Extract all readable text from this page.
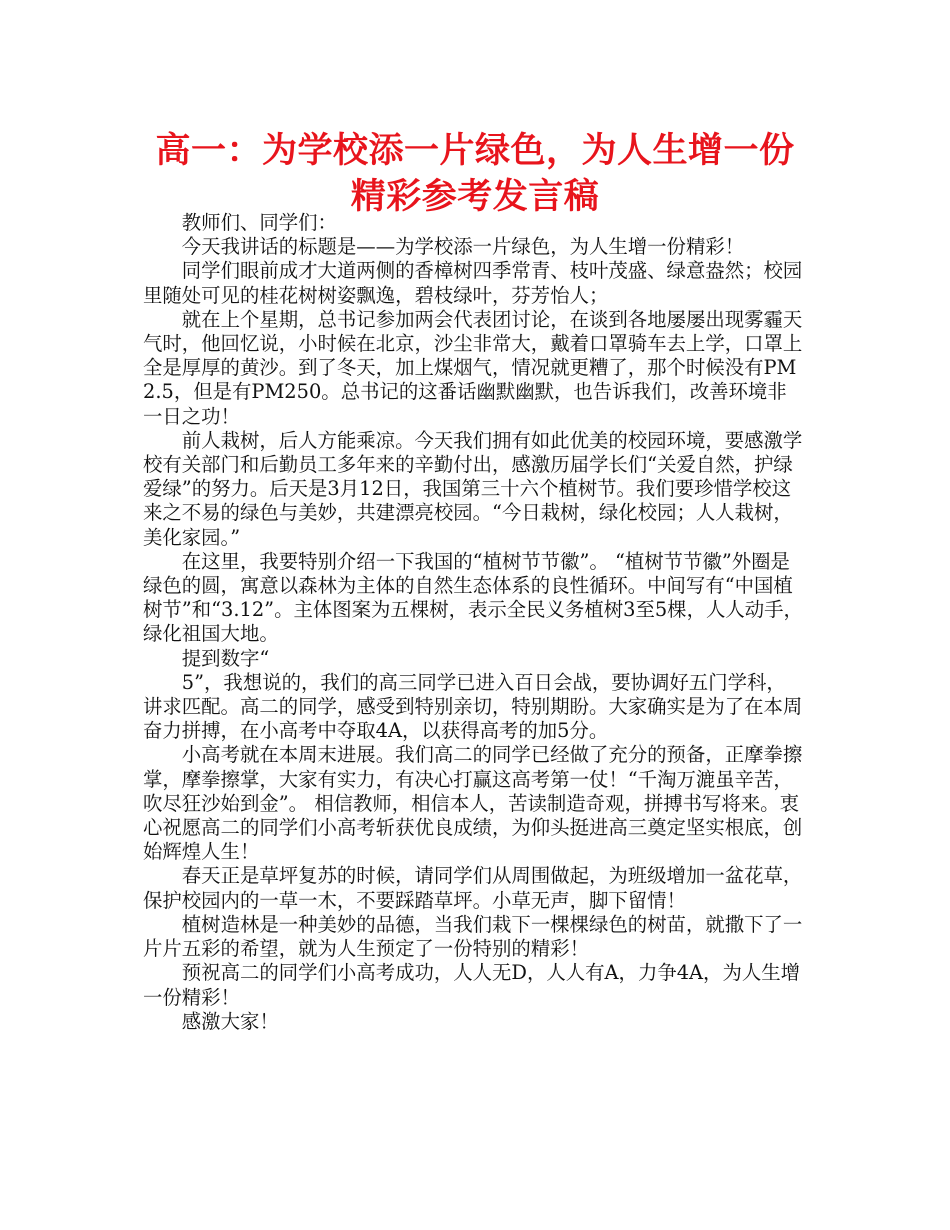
高一：为学校添一片绿色，为人生增一份
精彩参考发言稿

教师们、同学们：

今天我讲话的标题是——为学校添一片绿色，为人生增一份精彩！

同学们眼前成才大道两侧的香樟树四季常青、枝叶茂盛、绿意盎然；校园里随处可见的桂花树树姿飘逸，碧枝绿叶，芬芳怡人；

就在上个星期，总书记参加两会代表团讨论，在谈到各地屡屡出现雾霾天气时，他回忆说，小时候在北京，沙尘非常大，戴着口罩骑车去上学，口罩上全是厚厚的黄沙。到了冬天，加上煤烟气，情况就更糟了，那个时候没有PM2.5，但是有PM250。总书记的这番话幽默幽默，也告诉我们，改善环境非一日之功！

前人栽树，后人方能乘凉。今天我们拥有如此优美的校园环境，要感激学校有关部门和后勤员工多年来的辛勤付出，感激历届学长们“关爱自然，护绿爱绿”的努力。后天是3月12日，我国第三十六个植树节。我们要珍惜学校这来之不易的绿色与美妙，共建漂亮校园。“今日栽树，绿化校园；人人栽树，美化家园。”

在这里，我要特别介绍一下我国的“植树节节徽”。 “植树节节徽”外圈是绿色的圆，寓意以森林为主体的自然生态体系的良性循环。中间写有“中国植树节”和“3.12”。主体图案为五棵树，表示全民义务植树3至5棵，人人动手，绿化祖国大地。

提到数字“

5”，我想说的，我们的高三同学已进入百日会战，要协调好五门学科，讲求匹配。高二的同学，感受到特别亲切，特别期盼。大家确实是为了在本周奋力拼搏，在小高考中夺取4A，以获得高考的加5分。

小高考就在本周末进展。我们高二的同学已经做了充分的预备，正摩拳擦掌，摩拳擦掌，大家有实力，有决心打赢这高考第一仗！“千淘万漉虽辛苦，吹尽狂沙始到金”。 相信教师，相信本人，苦读制造奇观，拼搏书写将来。衷心祝愿高二的同学们小高考斩获优良成绩，为仰头挺进高三奠定坚实根底，创始辉煌人生！

春天正是草坪复苏的时候，请同学们从周围做起，为班级增加一盆花草，保护校园内的一草一木，不要踩踏草坪。小草无声，脚下留情！

植树造林是一种美妙的品德，当我们栽下一棵棵绿色的树苗，就撒下了一片片五彩的希望，就为人生预定了一份特别的精彩！

预祝高二的同学们小高考成功，人人无D，人人有A，力争4A，为人生增一份精彩！

感激大家！
